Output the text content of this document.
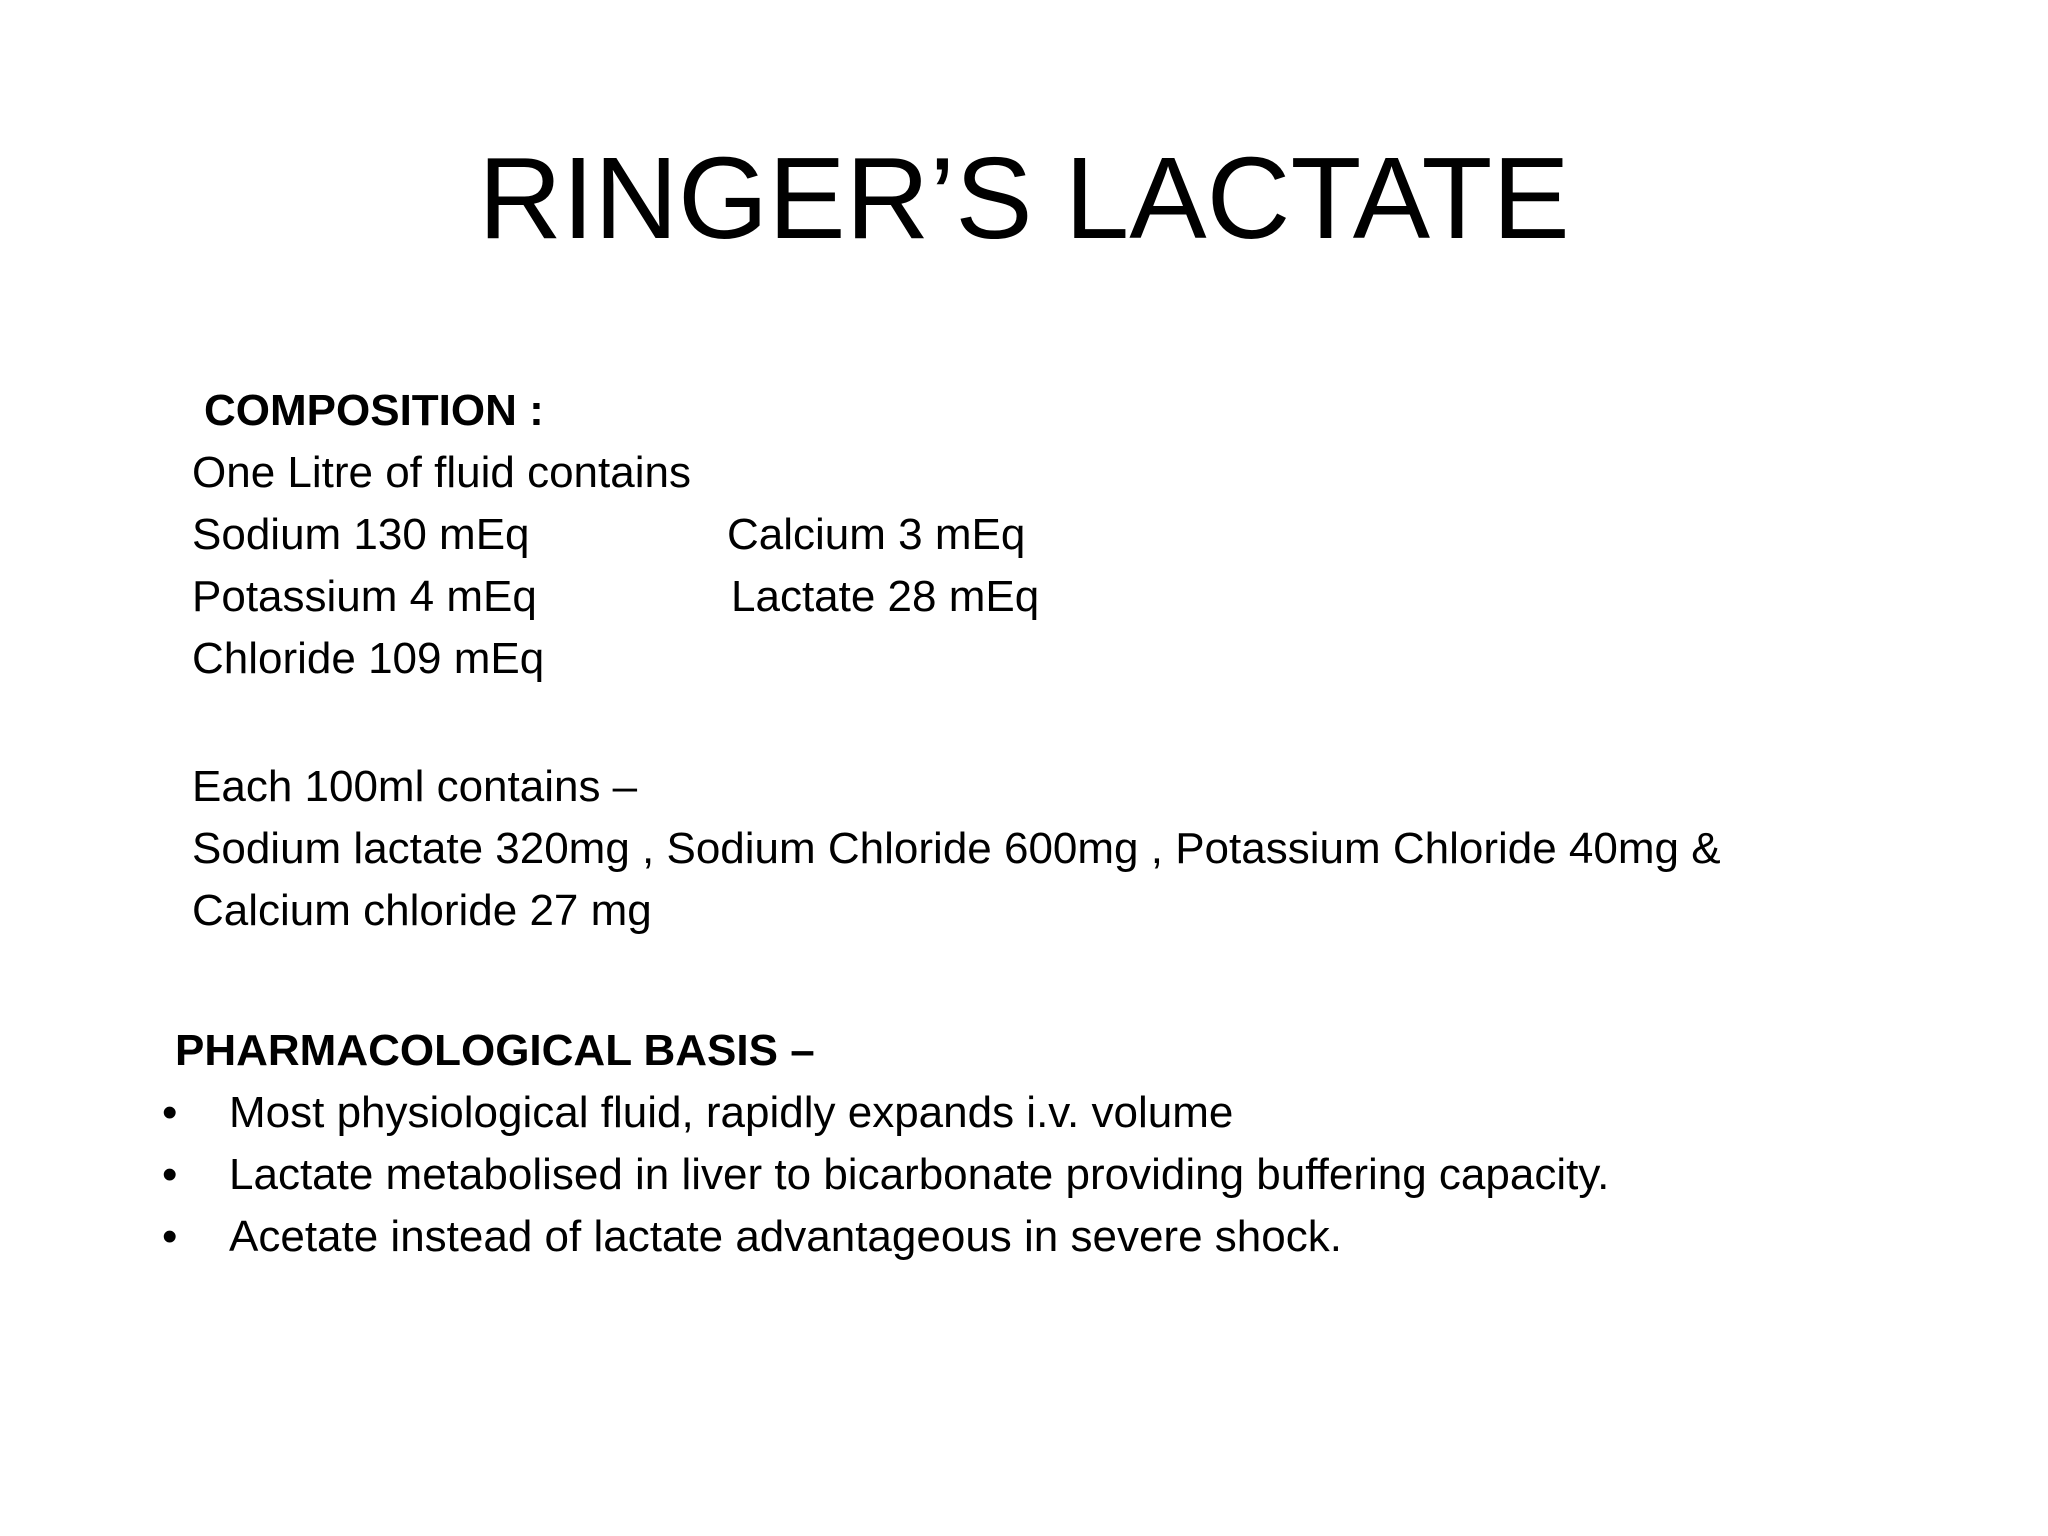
RINGER’S LACTATE
COMPOSITION :
One Litre of fluid contains
Sodium 130 mEq	Calcium 3 mEq
Potassium 4 mEq	Lactate 28 mEq
Chloride 109 mEq
Each 100ml contains –
Sodium lactate 320mg , Sodium Chloride 600mg , Potassium Chloride 40mg &
Calcium chloride 27 mg
PHARMACOLOGICAL BASIS –
• Most physiological fluid, rapidly expands i.v. volume
• Lactate metabolised in liver to bicarbonate providing buffering capacity.
• Acetate instead of lactate advantageous in severe shock.
